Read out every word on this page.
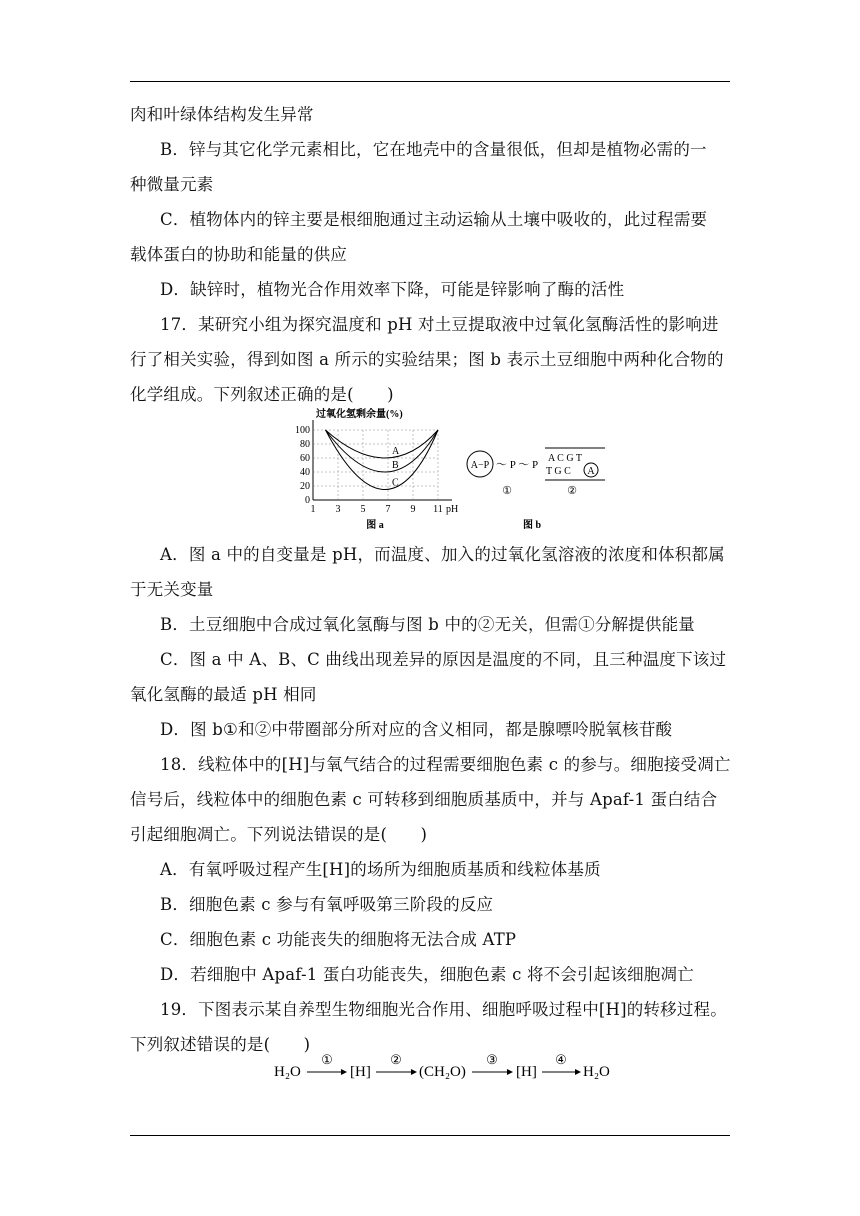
肉和叶绿体结构发生异常
B．锌与其它化学元素相比，它在地壳中的含量很低，但却是植物必需的一
种微量元素
C．植物体内的锌主要是根细胞通过主动运输从土壤中吸收的，此过程需要
载体蛋白的协助和能量的供应
D．缺锌时，植物光合作用效率下降，可能是锌影响了酶的活性
17．某研究小组为探究温度和 pH 对土豆提取液中过氧化氢酶活性的影响进
行了相关实验，得到如图 a 所示的实验结果；图 b 表示土豆细胞中两种化合物的
化学组成。下列叙述正确的是(　　)
过氧化氢剩余量(%)
0
20
40
60
80
100
1 3 5 7 9 11 pH
A
B
C
图 a
A−P ～ P ～ P
A C G T
T G C A
①	②
图 b
A．图 a 中的自变量是 pH，而温度、加入的过氧化氢溶液的浓度和体积都属
于无关变量
B．土豆细胞中合成过氧化氢酶与图 b 中的②无关，但需①分解提供能量
C．图 a 中 A、B、C 曲线出现差异的原因是温度的不同，且三种温度下该过
氧化氢酶的最适 pH 相同
D．图 b①和②中带圈部分所对应的含义相同，都是腺嘌呤脱氧核苷酸
18．线粒体中的[H]与氧气结合的过程需要细胞色素 c 的参与。细胞接受凋亡
信号后，线粒体中的细胞色素 c 可转移到细胞质基质中，并与 Apaf-1 蛋白结合
引起细胞凋亡。下列说法错误的是(　　)
A．有氧呼吸过程产生[H]的场所为细胞质基质和线粒体基质
B．细胞色素 c 参与有氧呼吸第三阶段的反应
C．细胞色素 c 功能丧失的细胞将无法合成 ATP
D．若细胞中 Apaf-1 蛋白功能丧失，细胞色素 c 将不会引起该细胞凋亡
19．下图表示某自养型生物细胞光合作用、细胞呼吸过程中[H]的转移过程。
下列叙述错误的是(　　)
H₂O
①
[H]
②
(CH₂O)
③
[H]
④
H₂O
